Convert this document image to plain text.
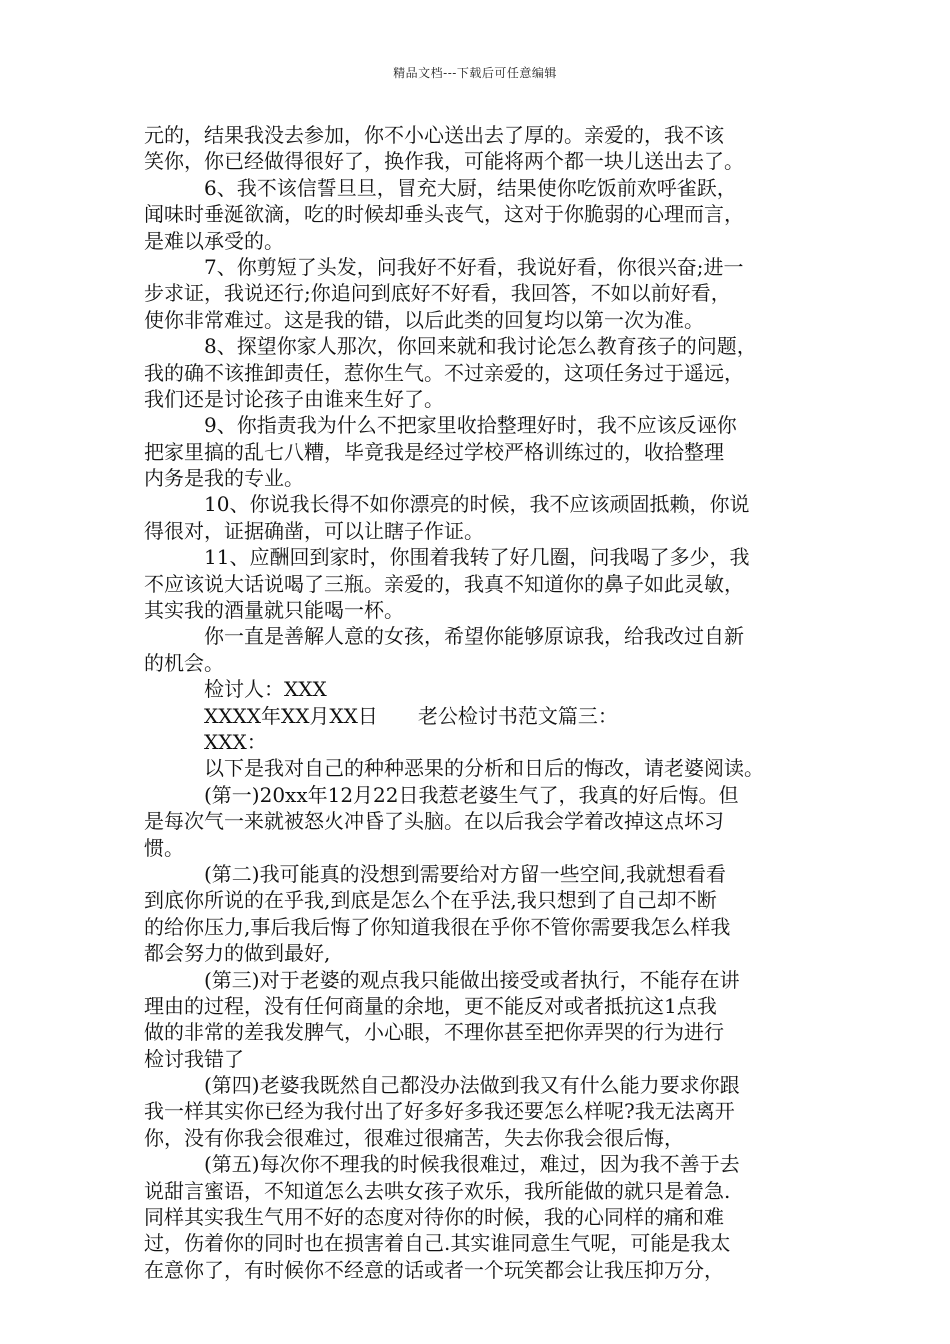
精品文档---下载后可任意编辑
元的，结果我没去参加，你不小心送出去了厚的。亲爱的，我不该
笑你，你已经做得很好了，换作我，可能将两个都一块儿送出去了。
6、我不该信誓旦旦，冒充大厨，结果使你吃饭前欢呼雀跃，
闻味时垂涎欲滴，吃的时候却垂头丧气，这对于你脆弱的心理而言，
是难以承受的。
7、你剪短了头发，问我好不好看，我说好看，你很兴奋;进一
步求证，我说还行;你追问到底好不好看，我回答，不如以前好看，
使你非常难过。这是我的错，以后此类的回复均以第一次为准。
8、探望你家人那次，你回来就和我讨论怎么教育孩子的问题，
我的确不该推卸责任，惹你生气。不过亲爱的，这项任务过于遥远，
我们还是讨论孩子由谁来生好了。
9、你指责我为什么不把家里收拾整理好时，我不应该反诬你
把家里搞的乱七八糟，毕竟我是经过学校严格训练过的，收拾整理
内务是我的专业。
10、你说我长得不如你漂亮的时候，我不应该顽固抵赖，你说
得很对，证据确凿，可以让瞎子作证。
11、应酬回到家时，你围着我转了好几圈，问我喝了多少，我
不应该说大话说喝了三瓶。亲爱的，我真不知道你的鼻子如此灵敏，
其实我的酒量就只能喝一杯。
你一直是善解人意的女孩，希望你能够原谅我，给我改过自新
的机会。
检讨人：XXX
XXXX年XX月XX日　　老公检讨书范文篇三：
XXX：
以下是我对自己的种种恶果的分析和日后的悔改，请老婆阅读。
(第一)20xx年12月22日我惹老婆生气了，我真的好后悔。但
是每次气一来就被怒火冲昏了头脑。在以后我会学着改掉这点坏习
惯。
(第二)我可能真的没想到需要给对方留一些空间,我就想看看
到底你所说的在乎我,到底是怎么个在乎法,我只想到了自己却不断
的给你压力,事后我后悔了你知道我很在乎你不管你需要我怎么样我
都会努力的做到最好,
(第三)对于老婆的观点我只能做出接受或者执行，不能存在讲
理由的过程，没有任何商量的余地，更不能反对或者抵抗这1点我
做的非常的差我发脾气，小心眼，不理你甚至把你弄哭的行为进行
检讨我错了
(第四)老婆我既然自己都没办法做到我又有什么能力要求你跟
我一样其实你已经为我付出了好多好多我还要怎么样呢?我无法离开
你，没有你我会很难过，很难过很痛苦，失去你我会很后悔，
(第五)每次你不理我的时候我很难过，难过，因为我不善于去
说甜言蜜语，不知道怎么去哄女孩子欢乐，我所能做的就只是着急.
同样其实我生气用不好的态度对待你的时候，我的心同样的痛和难
过，伤着你的同时也在损害着自己.其实谁同意生气呢，可能是我太
在意你了，有时候你不经意的话或者一个玩笑都会让我压抑万分，
